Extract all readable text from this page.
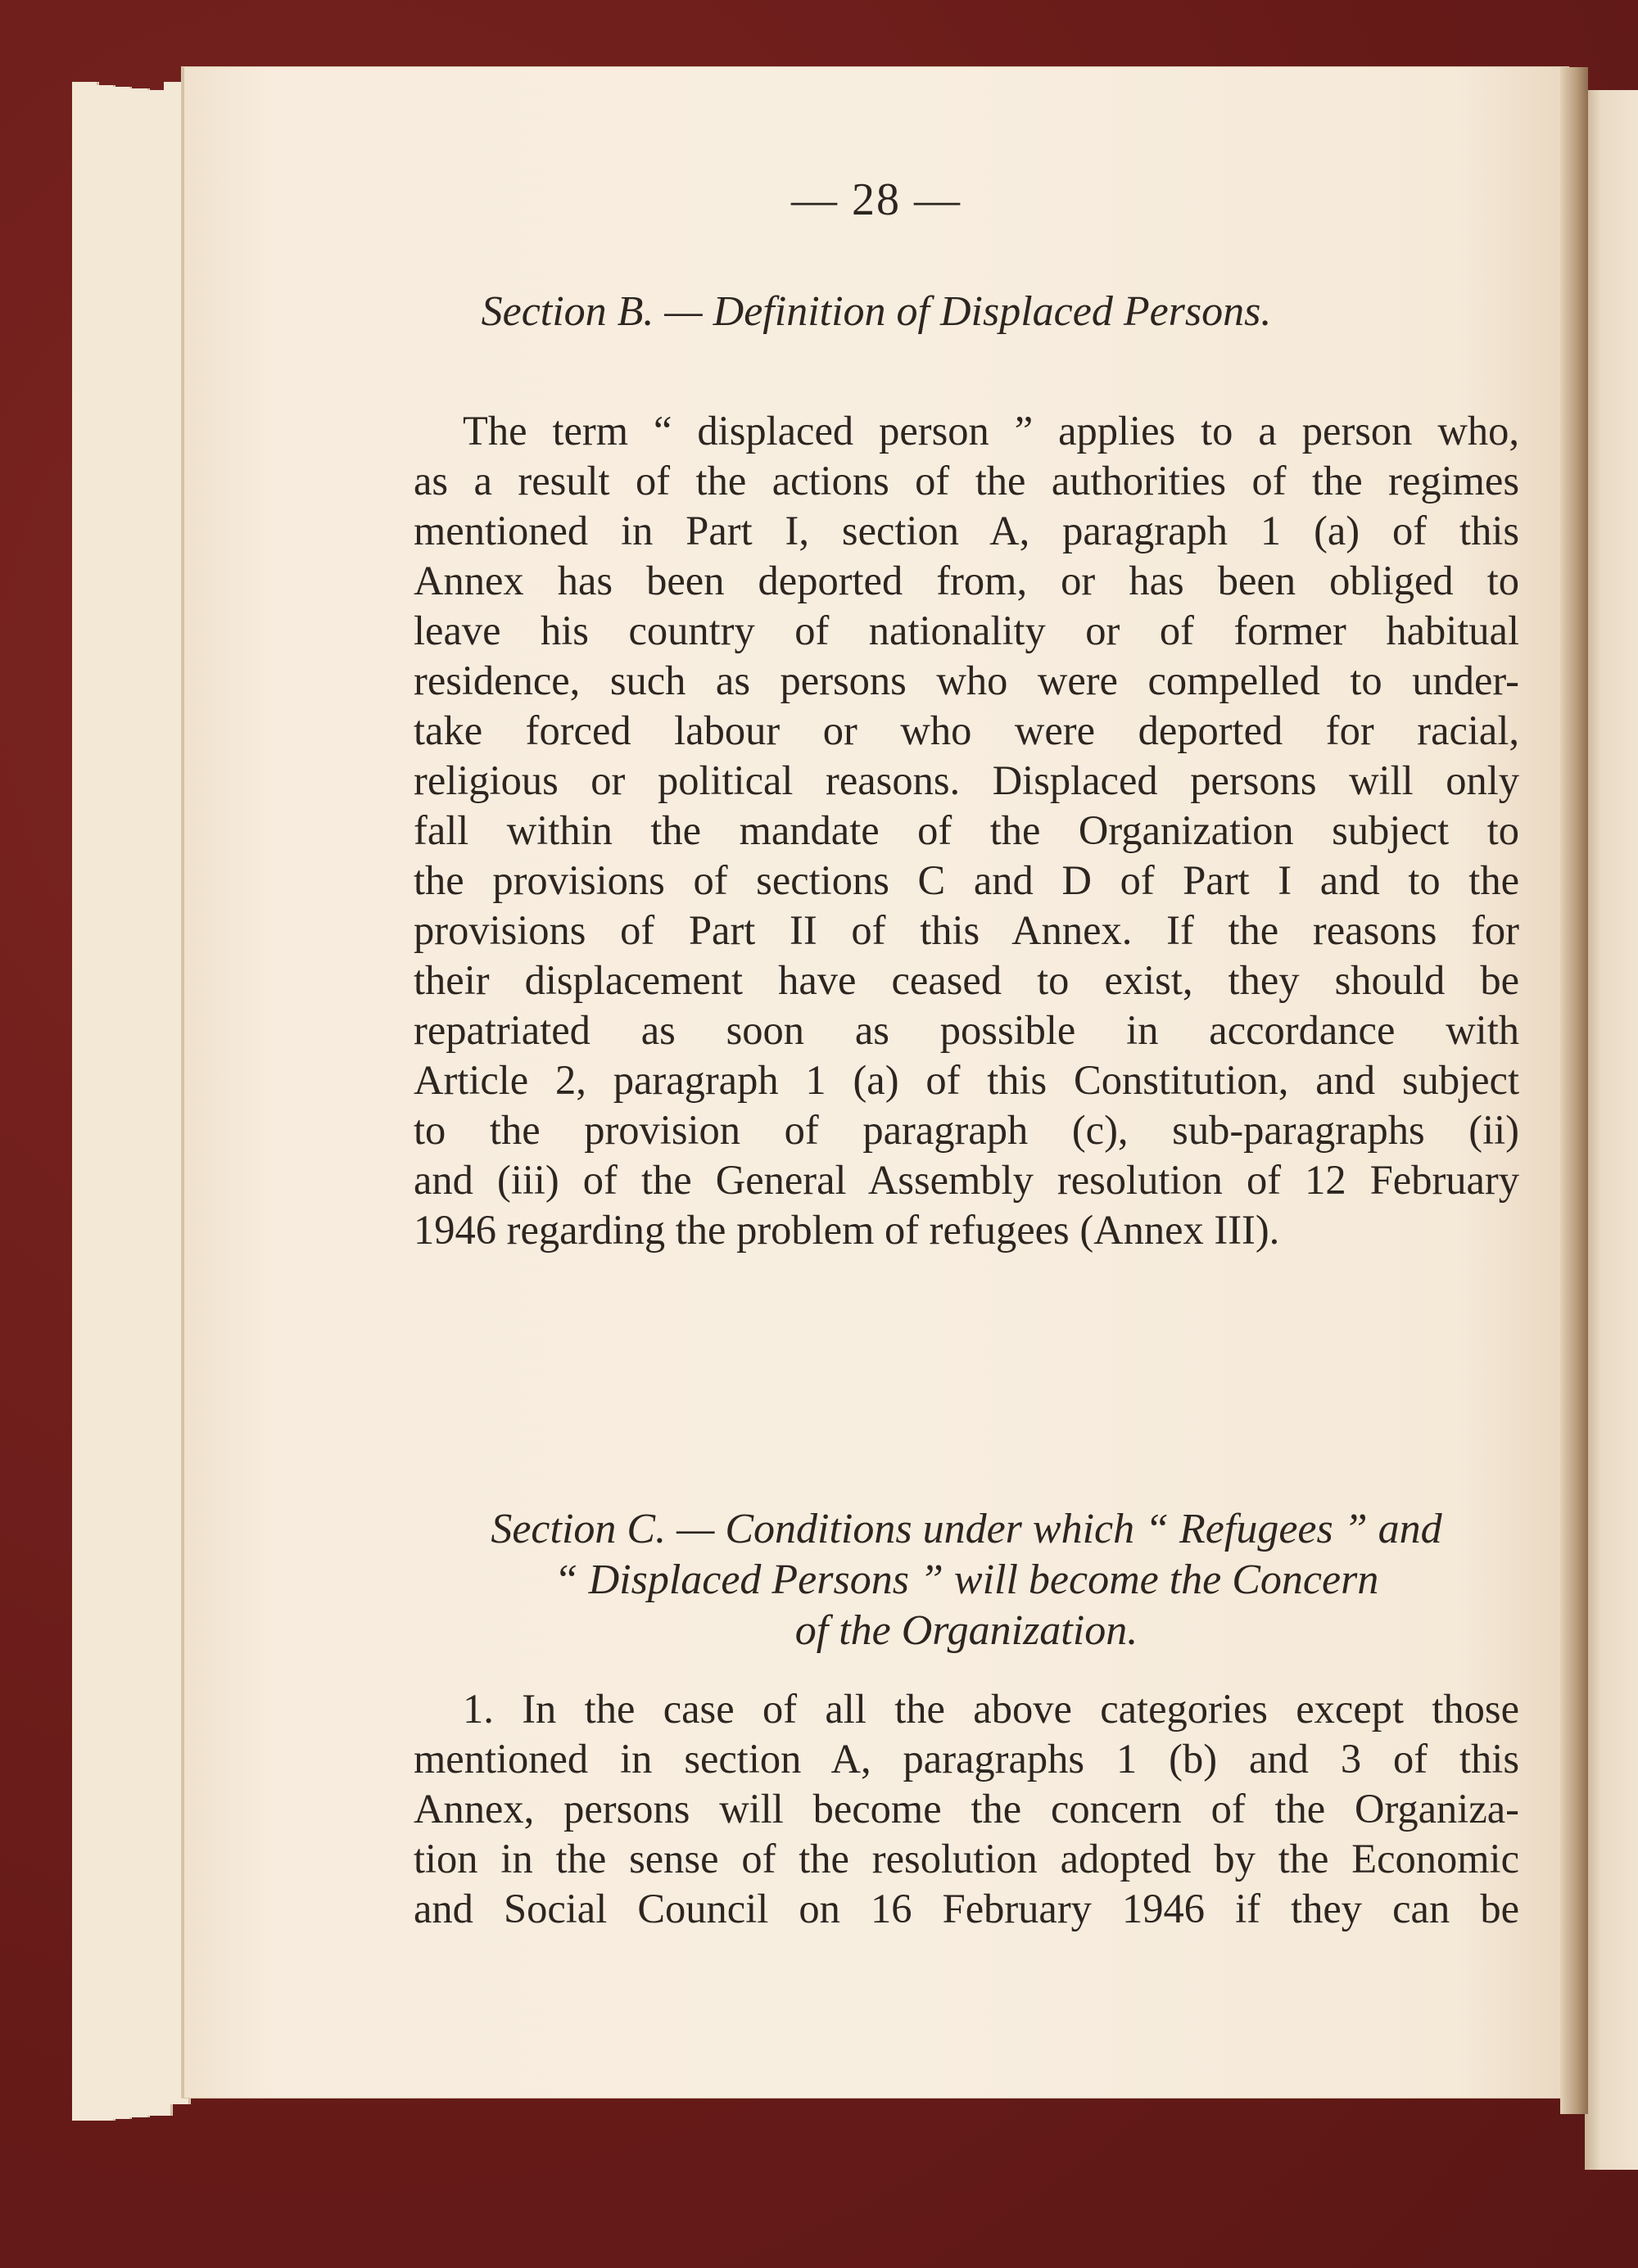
— 28 —
Section B. — Definition of Displaced Persons.
The term “ displaced person ” applies to a person who,
as a result of the actions of the authorities of the regimes
mentioned in Part I, section A, paragraph 1 (a) of this
Annex has been deported from, or has been obliged to
leave his country of nationality or of former habitual
residence, such as persons who were compelled to under-
take forced labour or who were deported for racial,
religious or political reasons. Displaced persons will only
fall within the mandate of the Organization subject to
the provisions of sections C and D of Part I and to the
provisions of Part II of this Annex. If the reasons for
their displacement have ceased to exist, they should be
repatriated as soon as possible in accordance with
Article 2, paragraph 1 (a) of this Constitution, and subject
to the provision of paragraph (c), sub-paragraphs (ii)
and (iii) of the General Assembly resolution of 12 February
1946 regarding the problem of refugees (Annex III).
Section C. — Conditions under which “ Refugees ” and
“ Displaced Persons ” will become the Concern
of the Organization.
1. In the case of all the above categories except those
mentioned in section A, paragraphs 1 (b) and 3 of this
Annex, persons will become the concern of the Organiza-
tion in the sense of the resolution adopted by the Economic
and Social Council on 16 February 1946 if they can be
